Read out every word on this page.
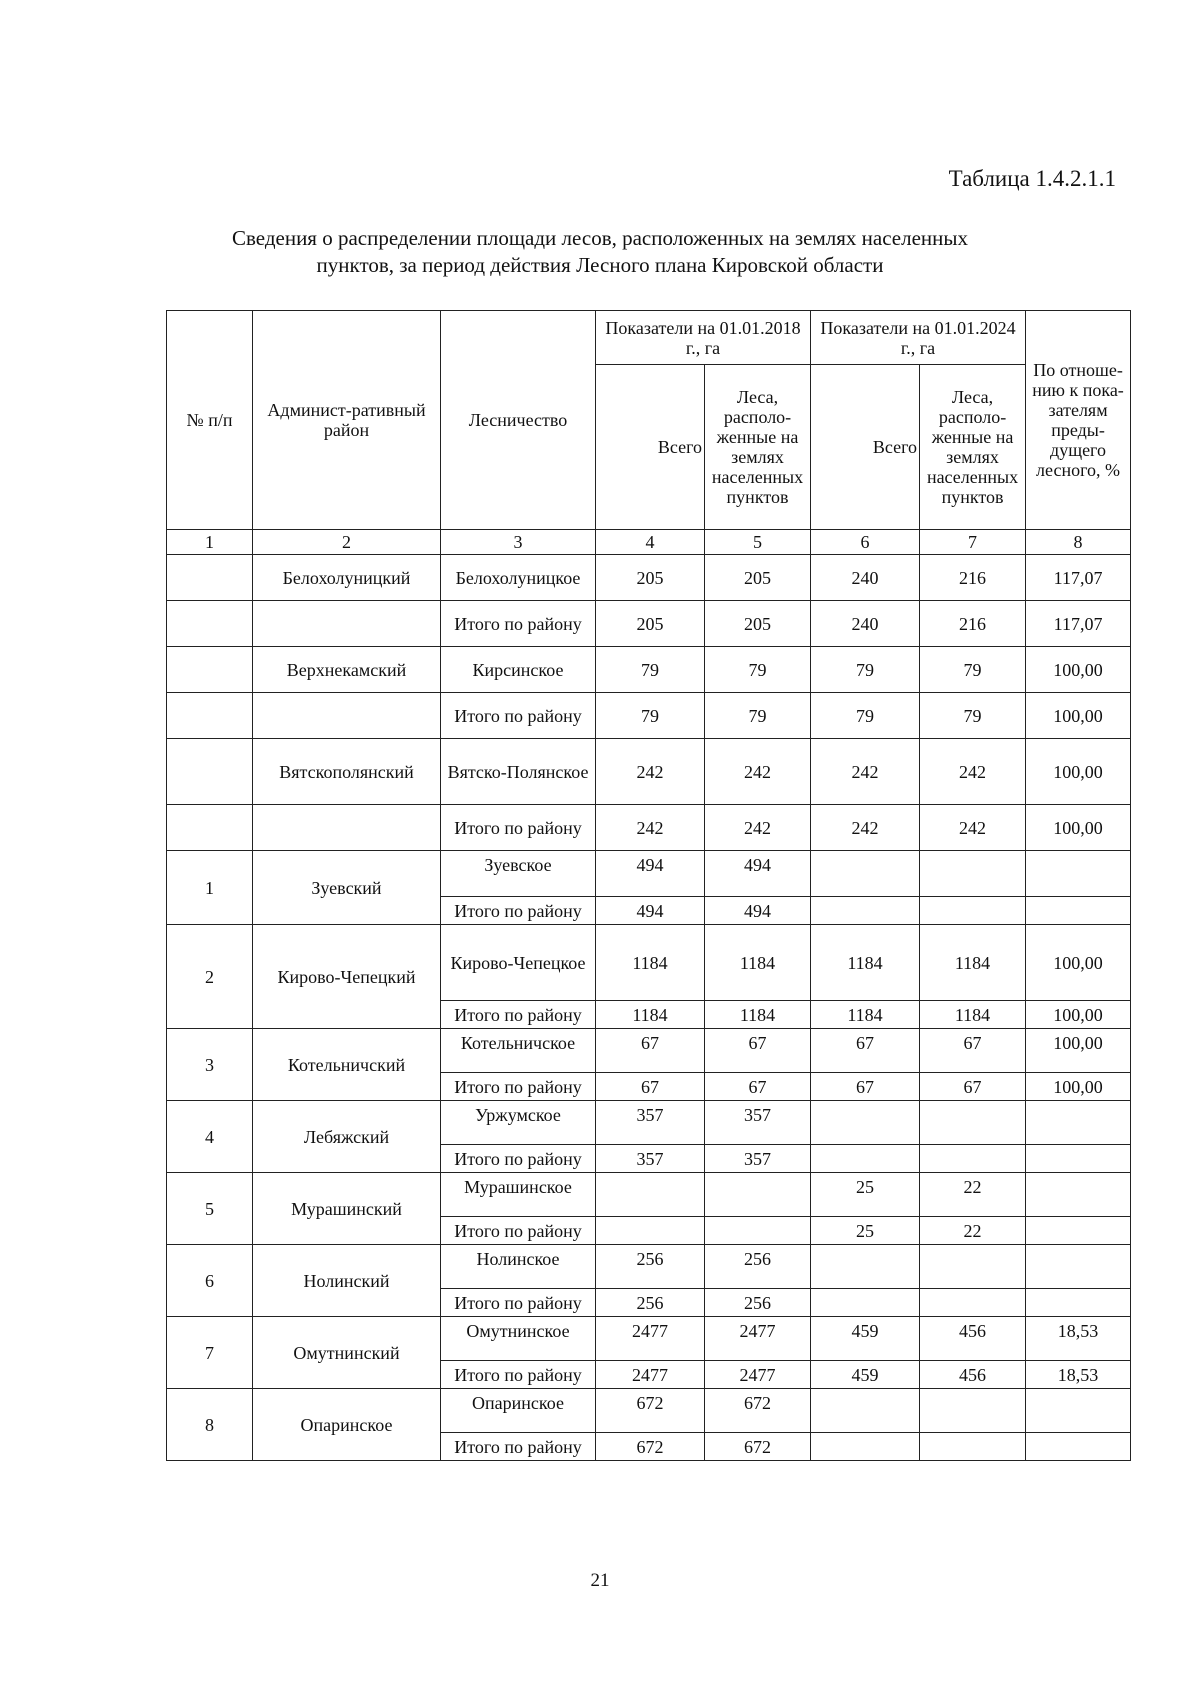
Таблица 1.4.2.1.1
Сведения о распределении площади лесов, расположенных на землях населенных
пунктов, за период действия Лесного плана Кировской области
№ п/п	Админист-ративный район	Лесничество	Показатели на 01.01.2018 г., га		Показатели на 01.01.2024 г., га		По отноше-нию к пока-зателям преды-дущего лесного, %
			Всего	Леса, располо-женные на землях населенных пунктов	Всего	Леса, располо-женные на землях населенных пунктов	
1	2	3	4	5	6	7	8
	Белохолуницкий	Белохолуницкое	205	205	240	216	117,07
		Итого по району	205	205	240	216	117,07
	Верхнекамский	Кирсинское	79	79	79	79	100,00
		Итого по району	79	79	79	79	100,00
	Вятскополянский	Вятско-Полянское	242	242	242	242	100,00
		Итого по району	242	242	242	242	100,00
1	Зуевский	Зуевское	494	494			
		Итого по району	494	494			
2	Кирово-Чепецкий	Кирово-Чепецкое	1184	1184	1184	1184	100,00
		Итого по району	1184	1184	1184	1184	100,00
3	Котельничский	Котельничское	67	67	67	67	100,00
		Итого по району	67	67	67	67	100,00
4	Лебяжский	Уржумское	357	357			
		Итого по району	357	357			
5	Мурашинский	Мурашинское			25	22	
		Итого по району			25	22	
6	Нолинский	Нолинское	256	256			
		Итого по району	256	256			
7	Омутнинский	Омутнинское	2477	2477	459	456	18,53
		Итого по району	2477	2477	459	456	18,53
8	Опаринское	Опаринское	672	672			
		Итого по району	672	672			
21
